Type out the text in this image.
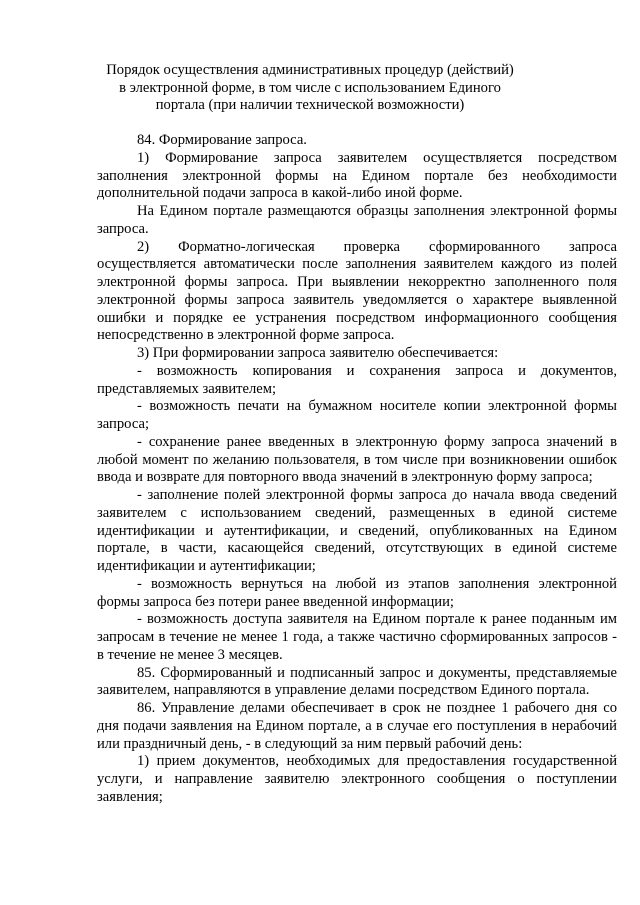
Порядок осуществления административных процедур (действий)
в электронной форме, в том числе с использованием Единого
портала (при наличии технической возможности)

84. Формирование запроса.

1) Формирование запроса заявителем осуществляется посредством заполнения электронной формы на Едином портале без необходимости дополнительной подачи запроса в какой-либо иной форме.

На Едином портале размещаются образцы заполнения электронной формы запроса.

2) Форматно-логическая проверка сформированного запроса осуществляется автоматически после заполнения заявителем каждого из полей электронной формы запроса. При выявлении некорректно заполненного поля электронной формы запроса заявитель уведомляется о характере выявленной ошибки и порядке ее устранения посредством информационного сообщения непосредственно в электронной форме запроса.

3) При формировании запроса заявителю обеспечивается:

- возможность копирования и сохранения запроса и документов, представляемых заявителем;

- возможность печати на бумажном носителе копии электронной формы запроса;

- сохранение ранее введенных в электронную форму запроса значений в любой момент по желанию пользователя, в том числе при возникновении ошибок ввода и возврате для повторного ввода значений в электронную форму запроса;

- заполнение полей электронной формы запроса до начала ввода сведений заявителем с использованием сведений, размещенных в единой системе идентификации и аутентификации, и сведений, опубликованных на Едином портале, в части, касающейся сведений, отсутствующих в единой системе идентификации и аутентификации;

- возможность вернуться на любой из этапов заполнения электронной формы запроса без потери ранее введенной информации;

- возможность доступа заявителя на Едином портале к ранее поданным им запросам в течение не менее 1 года, а также частично сформированных запросов - в течение не менее 3 месяцев.

85. Сформированный и подписанный запрос и документы, представляемые заявителем, направляются в управление делами посредством Единого портала.

86. Управление делами обеспечивает в срок не позднее 1 рабочего дня со дня подачи заявления на Едином портале, а в случае его поступления в нерабочий или праздничный день, - в следующий за ним первый рабочий день:

1) прием документов, необходимых для предоставления государственной услуги, и направление заявителю электронного сообщения о поступлении заявления;
